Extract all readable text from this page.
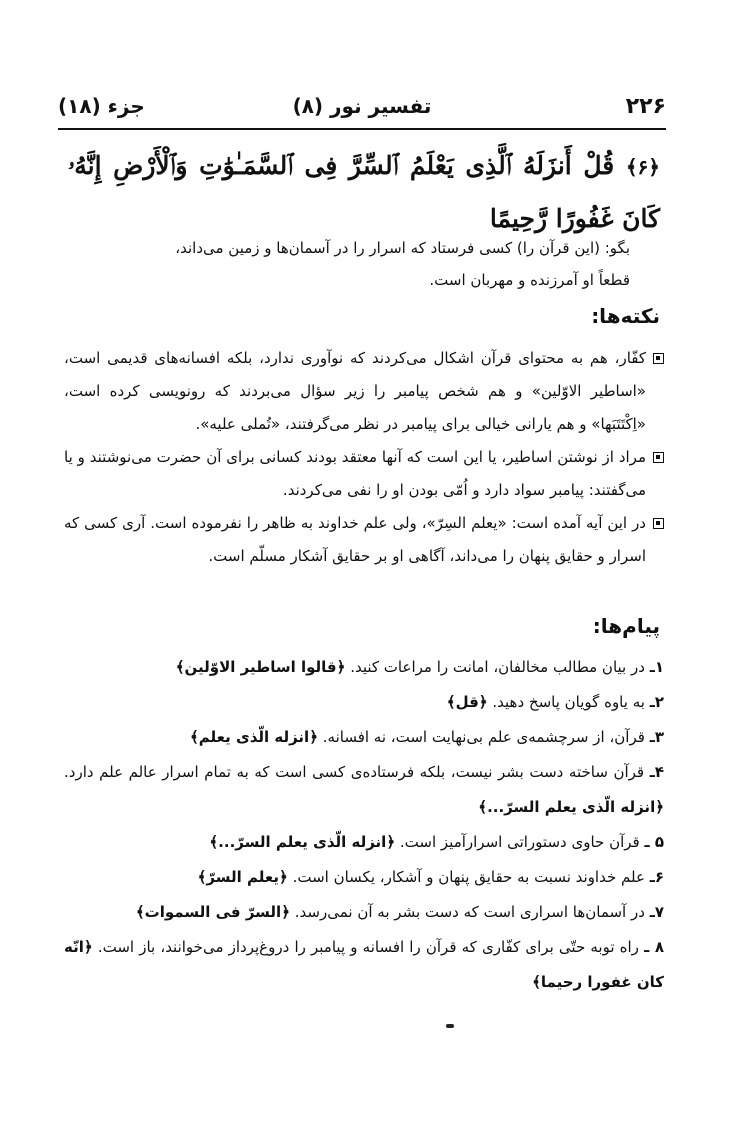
۲۲۶
تفسیر نور (۸)
جزء (۱۸)
﴿۶﴾ قُلْ أَنزَلَهُ ٱلَّذِى يَعْلَمُ ٱلسِّرَّ فِى ٱلسَّمَـٰوَٰتِ وَٱلْأَرْضِ إِنَّهُۥ كَانَ غَفُورًا رَّحِيمًا
بگو: (این قرآن را) کسی فرستاد که اسرار را در آسمان‌ها و زمین می‌داند،
قطعاً او آمرزنده و مهربان است.
نکته‌ها:
کفّار، هم به محتوای قرآن اشکال می‌کردند که نوآوری ندارد، بلکه افسانه‌های قدیمی است، «اساطیر الاوّلین» و هم شخص پیامبر را زیر سؤال می‌بردند که رونویسی کرده است، «اِکْتَتَبَها» و هم یارانی خیالی برای پیامبر در نظر می‌گرفتند، «تُملی علیه».
مراد از نوشتن اساطیر، یا این است که آنها معتقد بودند کسانی برای آن حضرت می‌نوشتند و یا می‌گفتند: پیامبر سواد دارد و اُمّی بودن او را نفی می‌کردند.
در این آیه آمده است: «یعلم السِرّ»، ولی علم خداوند به ظاهر را نفرموده است. آری کسی که اسرار و حقایق پنهان را می‌داند، آگاهی او بر حقایق آشکار مسلّم است.
پیام‌ها:
۱ـ در بیان مطالب مخالفان، امانت را مراعات کنید. ﴿قالوا اساطیر الاوّلین﴾
۲ـ به یاوه گویان پاسخ دهید. ﴿قل﴾
۳ـ قرآن، از سرچشمه‌ی علم بی‌نهایت است، نه افسانه. ﴿انزله الّذی یعلم﴾
۴ـ قرآن ساخته دست بشر نیست، بلکه فرستاده‌ی کسی است که به تمام اسرار عالم علم دارد. ﴿انزله الّذی یعلم السرّ...﴾
۵ ـ قرآن حاوی دستوراتی اسرارآمیز است. ﴿انزله الّذی یعلم السرّ...﴾
۶ـ علم خداوند نسبت به حقایق پنهان و آشکار، یکسان است. ﴿یعلم السرّ﴾
۷ـ در آسمان‌ها اسراری است که دست بشر به آن نمی‌رسد. ﴿السرّ فی السموات﴾
۸ ـ راه توبه حتّی برای کفّاری که قرآن را افسانه و پیامبر را دروغ‌پرداز می‌خوانند، باز است. ﴿انّه کان غفورا رحیما﴾
